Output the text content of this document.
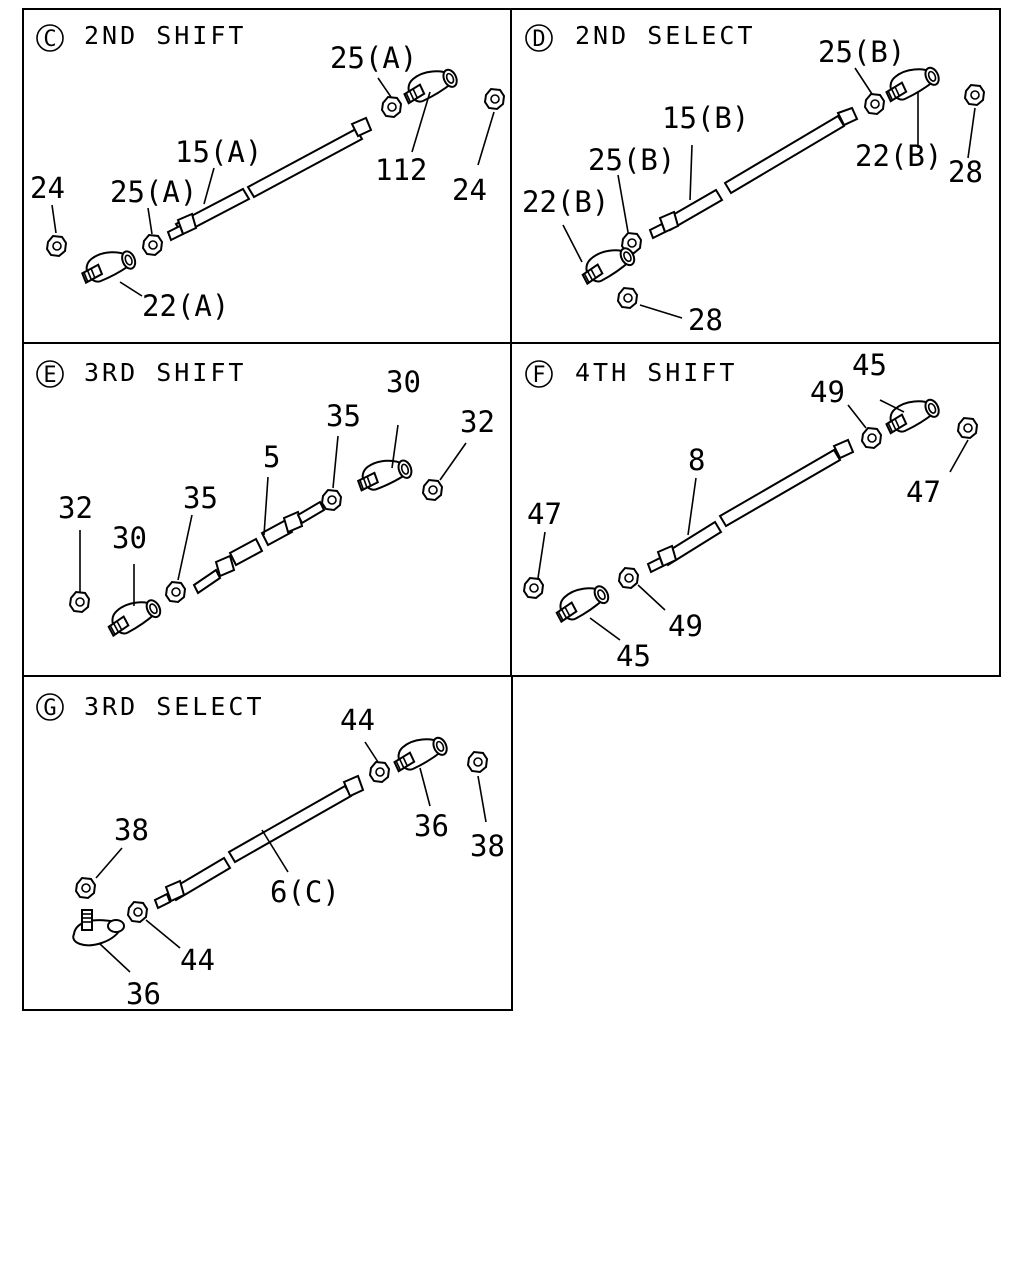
C 2ND SHIFT
25(A)
112
24
15(A)
24 25(A)
22(A)
D 2ND SELECT 25(B)
15(B)
25(B)
22(B)
28
22(B) 28
E 3RD SHIFT	30
35	32
5
35
32
30
F 4TH SHIFT	45
49
8
47
47
49
45
G 3RD SELECT	44
36
38
38
6(C)
44
36
